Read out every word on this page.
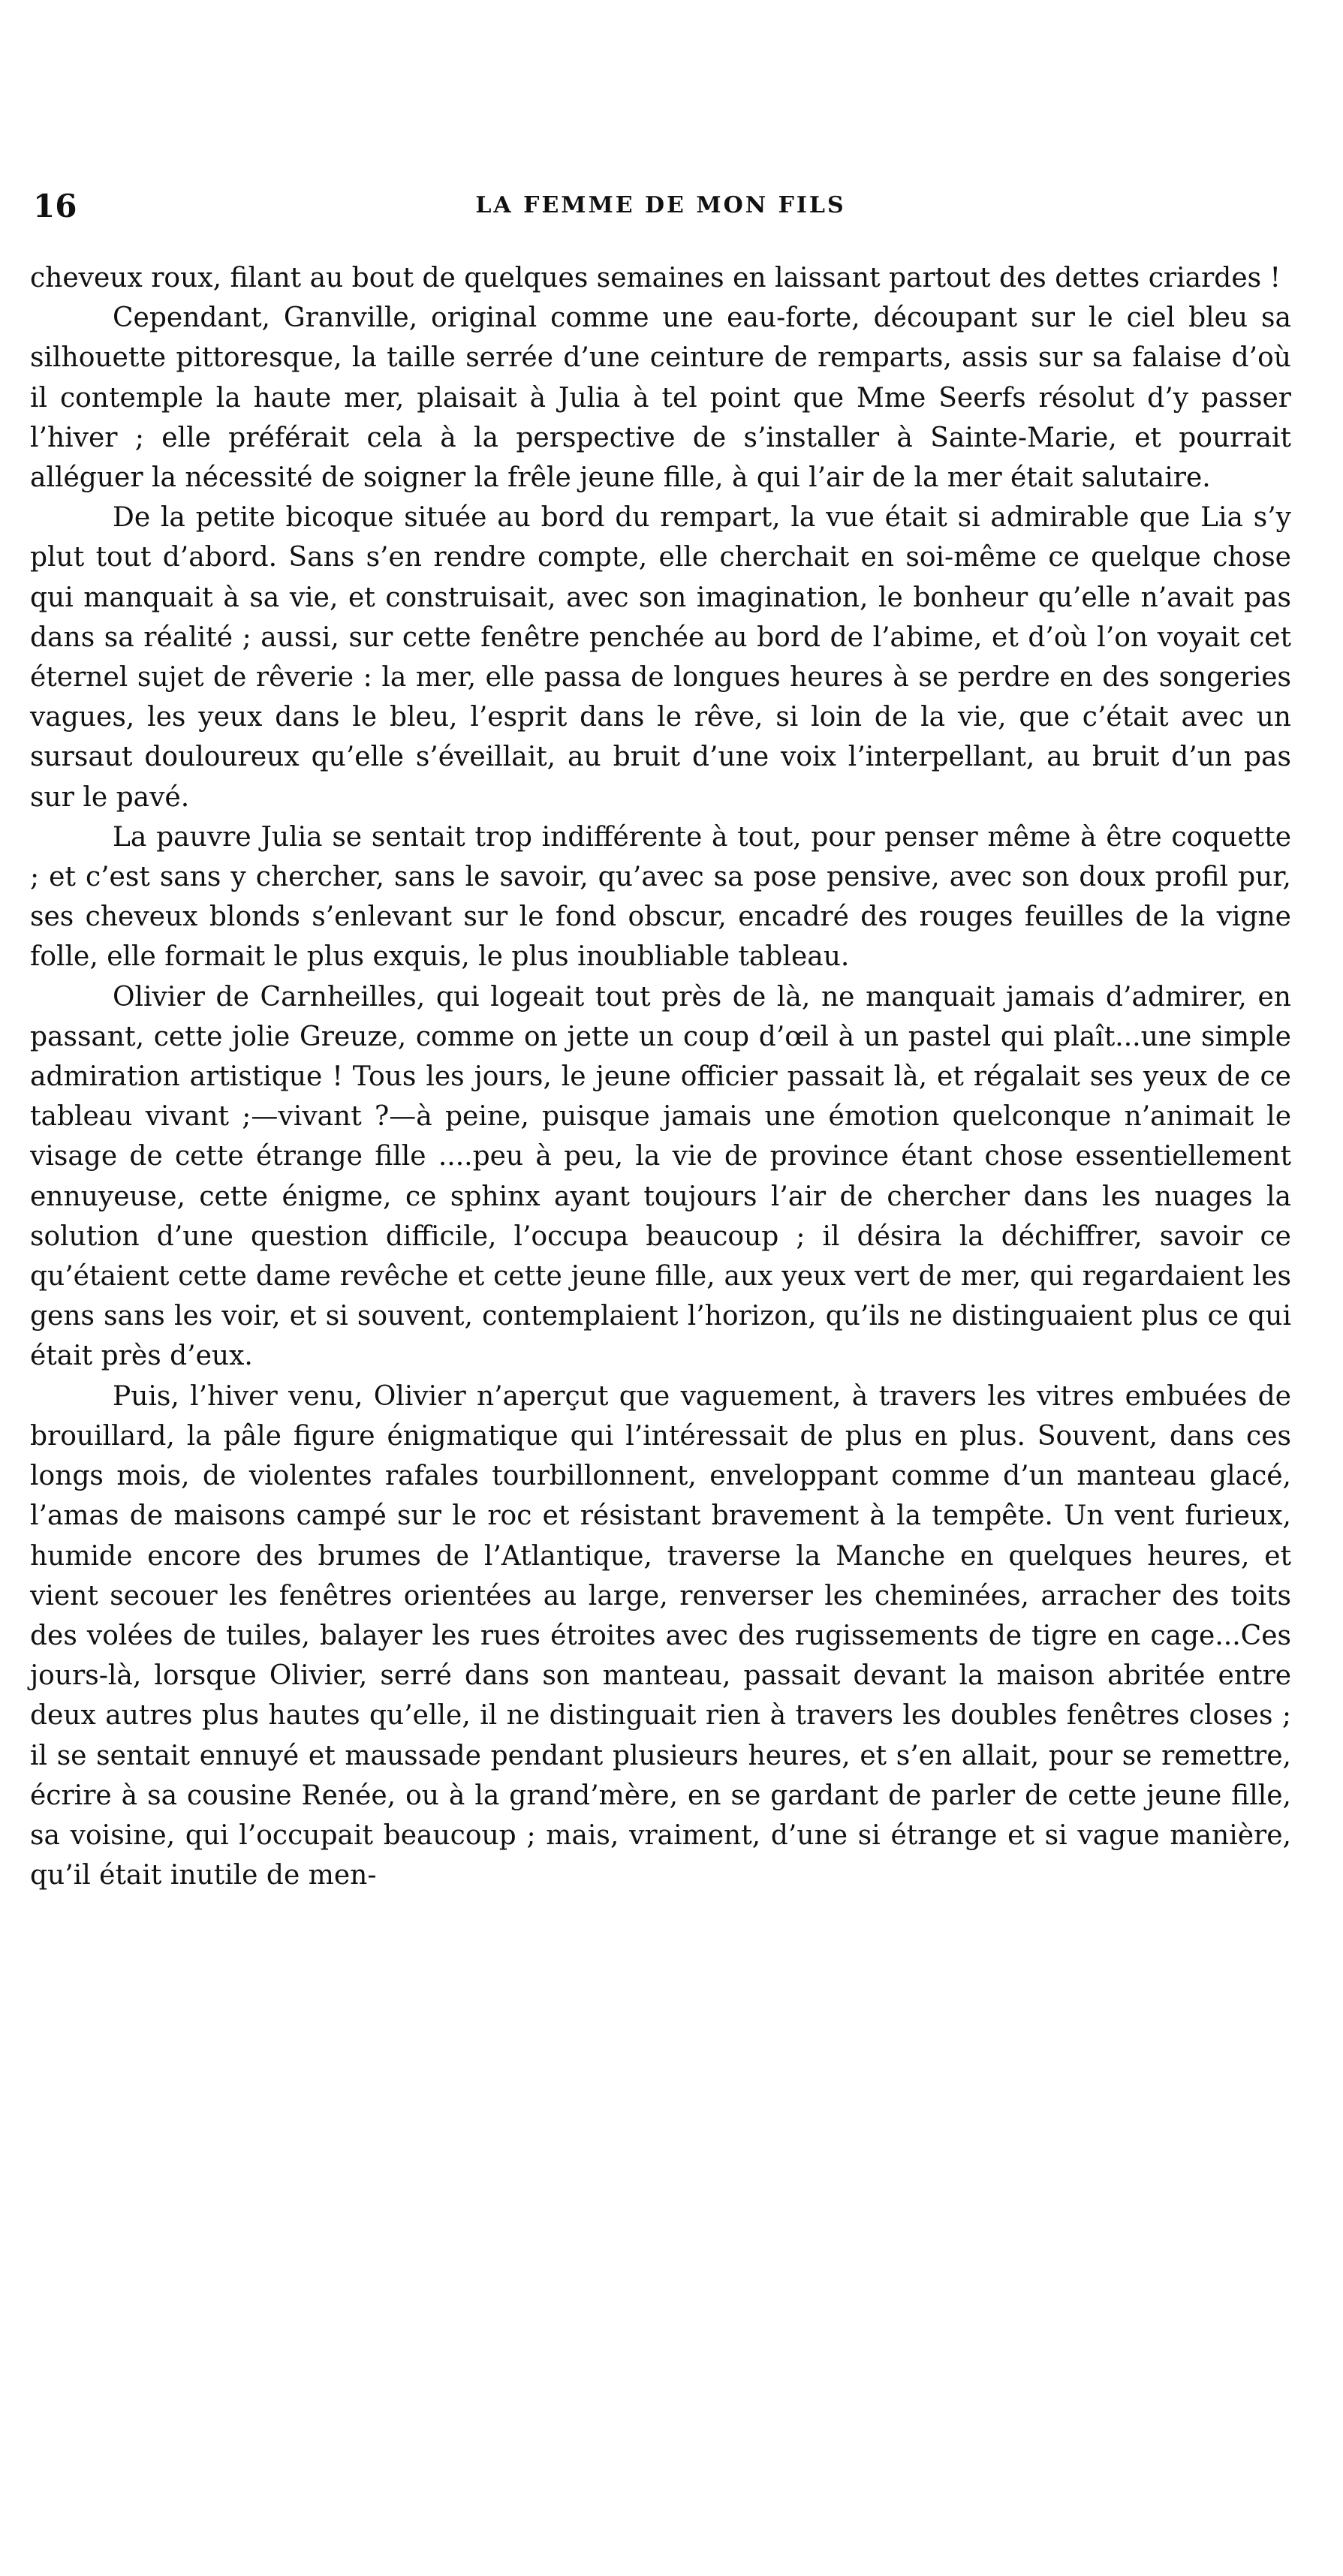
16	LA FEMME DE MON FILS

cheveux roux, filant au bout de quelques semaines en laissant partout des dettes criardes !

Cependant, Granville, original comme une eau-forte, découpant sur le ciel bleu sa silhouette pittoresque, la taille serrée d’une ceinture de remparts, assis sur sa falaise d’où il contemple la haute mer, plaisait à Julia à tel point que Mme Seerfs résolut d’y passer l’hiver ; elle préférait cela à la perspective de s’installer à Sainte-Marie, et pourrait alléguer la nécessité de soigner la frêle jeune fille, à qui l’air de la mer était salutaire.

De la petite bicoque située au bord du rempart, la vue était si admirable que Lia s’y plut tout d’abord. Sans s’en rendre compte, elle cherchait en soi-même ce quelque chose qui manquait à sa vie, et construisait, avec son imagination, le bonheur qu’elle n’avait pas dans sa réalité ; aussi, sur cette fenêtre penchée au bord de l’abime, et d’où l’on voyait cet éternel sujet de rêverie : la mer, elle passa de longues heures à se perdre en des songeries vagues, les yeux dans le bleu, l’esprit dans le rêve, si loin de la vie, que c’était avec un sursaut douloureux qu’elle s’éveillait, au bruit d’une voix l’interpellant, au bruit d’un pas sur le pavé.

La pauvre Julia se sentait trop indifférente à tout, pour penser même à être coquette ; et c’est sans y chercher, sans le savoir, qu’avec sa pose pensive, avec son doux profil pur, ses cheveux blonds s’enlevant sur le fond obscur, encadré des rouges feuilles de la vigne folle, elle formait le plus exquis, le plus inoubliable tableau.

Olivier de Carnheilles, qui logeait tout près de là, ne manquait jamais d’admirer, en passant, cette jolie Greuze, comme on jette un coup d’œil à un pastel qui plaît...une simple admiration artistique ! Tous les jours, le jeune officier passait là, et régalait ses yeux de ce tableau vivant ;—vivant ?—à peine, puisque jamais une émotion quelconque n’animait le visage de cette étrange fille ....peu à peu, la vie de province étant chose essentiellement ennuyeuse, cette énigme, ce sphinx ayant toujours l’air de chercher dans les nuages la solution d’une question difficile, l’occupa beaucoup ; il désira la déchiffrer, savoir ce qu’étaient cette dame revêche et cette jeune fille, aux yeux vert de mer, qui regardaient les gens sans les voir, et si souvent, contemplaient l’horizon, qu’ils ne distinguaient plus ce qui était près d’eux.

Puis, l’hiver venu, Olivier n’aperçut que vaguement, à travers les vitres embuées de brouillard, la pâle figure énigmatique qui l’intéressait de plus en plus. Souvent, dans ces longs mois, de violentes rafales tourbillonnent, enveloppant comme d’un manteau glacé, l’amas de maisons campé sur le roc et résistant bravement à la tempête. Un vent furieux, humide encore des brumes de l’Atlantique, traverse la Manche en quelques heures, et vient secouer les fenêtres orientées au large, renverser les cheminées, arracher des toits des volées de tuiles, balayer les rues étroites avec des rugissements de tigre en cage...Ces jours-là, lorsque Olivier, serré dans son manteau, passait devant la maison abritée entre deux autres plus hautes qu’elle, il ne distinguait rien à travers les doubles fenêtres closes ; il se sentait ennuyé et maussade pendant plusieurs heures, et s’en allait, pour se remettre, écrire à sa cousine Renée, ou à la grand’mère, en se gardant de parler de cette jeune fille, sa voisine, qui l’occupait beaucoup ; mais, vraiment, d’une si étrange et si vague manière, qu’il était inutile de men-
